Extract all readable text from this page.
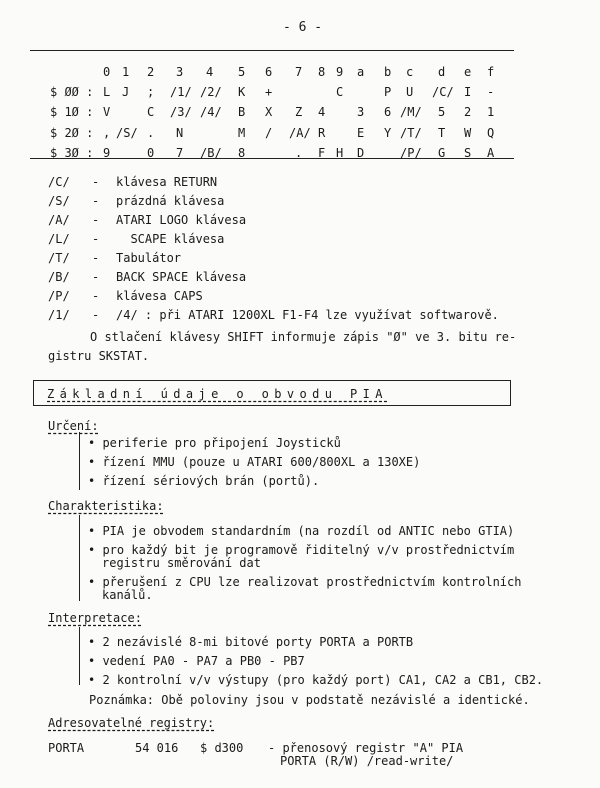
- 6 -
0 1 2 3 4 5 6 7 8 9 a b c d e f
$ ØØ : L J ; /1/ /2/ K +	C	P U /C/ I -
$ 1Ø : V	C /3/ /4/ B X Z 4	3 6 /M/ 5 2 1
$ 2Ø : , /S/ . N	M / /A/ R	E Y /T/ T W Q
$ 3Ø : 9	0 7 /B/ 8	. F H D	/P/ G S A
/C/ - klávesa RETURN
/S/ - prázdná klávesa
/A/ - ATARI LOGO klávesa
/L/ - SCAPE klávesa
/T/ - Tabulátor
/B/ - BACK SPACE klávesa
/P/ - klávesa CAPS
/1/ - /4/ : při ATARI 1200XL F1-F4 lze využívat softwarově.
O stlačení klávesy SHIFT informuje zápis "Ø" ve 3. bitu re-
gistru SKSTAT.
Základní údaje o obvodu PIA
Určení:
• periferie pro připojení Joysticků
• řízení MMU (pouze u ATARI 600/800XL a 130XE)
• řízení sériových brán (portů).
Charakteristika:
• PIA je obvodem standardním (na rozdíl od ANTIC nebo GTIA)
• pro každý bit je programově řiditelný v/v prostřednictvím
registru směrování dat
• přerušení z CPU lze realizovat prostřednictvím kontrolních
kanálů.
Interpretace:
• 2 nezávislé 8-mi bitové porty PORTA a PORTB
• vedení PA0 - PA7 a PB0 - PB7
• 2 kontrolní v/v výstupy (pro každý port) CA1, CA2 a CB1, CB2.
Poznámka: Obě poloviny jsou v podstatě nezávislé a identické.
Adresovatelné registry:
PORTA	54 016 $ d300 - přenosový registr "A" PIA
PORTA (R/W) /read-write/
